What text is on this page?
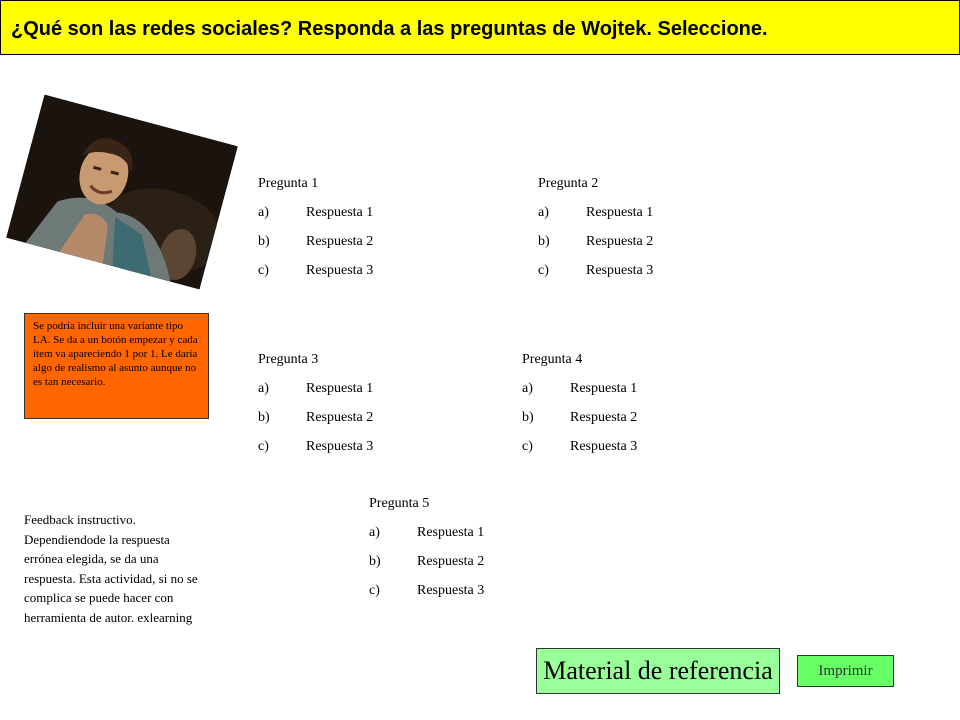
¿Qué son las redes sociales? Responda a las preguntas de Wojtek. Seleccione.
Se podría incluir una variante tipo LA. Se da a un botón empezar y cada ítem va apareciendo 1 por 1. Le daría algo de realismo al asunto aunque no es tan necesario.
Feedback instructivo. Dependiendode la respuesta errónea elegida, se da una respuesta. Esta actividad, si no se complica se puede hacer con herramienta de autor. exlearning
Pregunta 1
a)	Respuesta 1
b)	Respuesta 2
c)	Respuesta 3
Pregunta 2
a)	Respuesta 1
b)	Respuesta 2
c)	Respuesta 3
Pregunta 3
a)	Respuesta 1
b)	Respuesta 2
c)	Respuesta 3
Pregunta 4
a)	Respuesta 1
b)	Respuesta 2
c)	Respuesta 3
Pregunta 5
a)	Respuesta 1
b)	Respuesta 2
c)	Respuesta 3
Material de referencia	Imprimir
